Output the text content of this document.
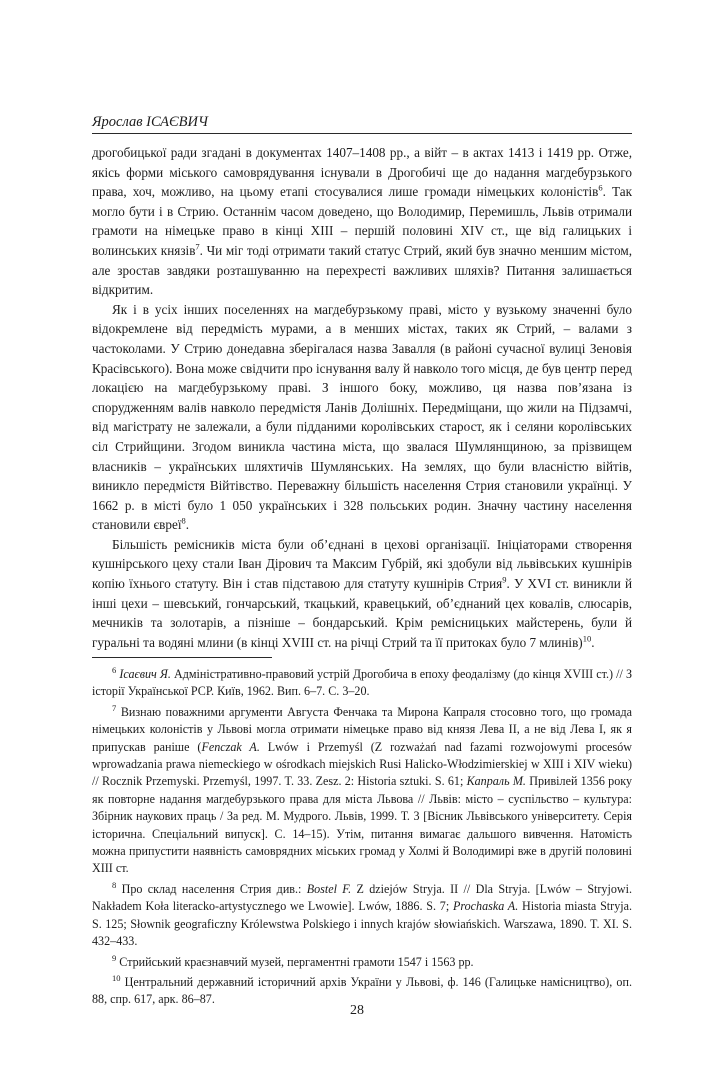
Ярослав ІСАЄВИЧ

дрогобицької ради згадані в документах 1407–1408 рр., а війт – в актах 1413 і 1419 рр. Отже, якісь форми міського самоврядування існували в Дрогобичі ще до надання магдебурзького права, хоч, можливо, на цьому етапі стосувалися лише громади німецьких колоністів$^6$. Так могло бути і в Стрию. Останнім часом доведено, що Володимир, Перемишль, Львів отримали грамоти на німецьке право в кінці XIII – першій половині XIV ст., ще від галицьких і волинських князів$^7$. Чи міг тоді отримати такий статус Стрий, який був значно меншим містом, але зростав завдяки розташуванню на перехресті важливих шляхів? Питання залишається відкритим.

Як і в усіх інших поселеннях на магдебурзькому праві, місто у вузькому значенні було відокремлене від передмість мурами, а в менших містах, таких як Стрий, – валами з частоколами. У Стрию донедавна зберігалася назва Завалля (в районі сучасної вулиці Зеновія Красівського). Вона може свідчити про існування валу й навколо того місця, де був центр перед локацією на магдебурзькому праві. З іншого боку, можливо, ця назва пов’язана із спорудженням валів навколо передмістя Ланів Долішніх. Передміщани, що жили на Підзамчі, від магістрату не залежали, а були підданими королівських старост, як і селяни королівських сіл Стрийщини. Згодом виникла частина міста, що звалася Шумлянщиною, за прізвищем власників – українських шляхтичів Шумлянських. На землях, що були власністю війтів, виникло передмістя Війтівство. Переважну більшість населення Стрия становили українці. У 1662 р. в місті було 1 050 українських і 328 польських родин. Значну частину населення становили євреї$^8$.

Більшість ремісників міста були об’єднані в цехові організації. Ініціаторами створення кушнірського цеху стали Іван Дірович та Максим Губрій, які здобули від львівських кушнірів копію їхнього статуту. Він і став підставою для статуту кушнірів Стрия$^9$. У XVI ст. виникли й інші цехи – шевський, гончарський, ткацький, кравецький, об’єднаний цех ковалів, слюсарів, мечників та золотарів, а пізніше – бондарський. Крім ремісницьких майстерень, були й гуральні та водяні млини (в кінці XVIII ст. на річці Стрий та її притоках було 7 млинів)$^{10}$.

$^6$ Ісаєвич Я. Адміністративно-правовий устрій Дрогобича в епоху феодалізму (до кінця XVIII ст.) // З історії Української РСР. Київ, 1962. Вип. 6–7. С. 3–20.

$^7$ Визнаю поважними аргументи Августа Фенчака та Мирона Капраля стосовно того, що громада німецьких колоністів у Львові могла отримати німецьке право від князя Лева II, а не від Лева I, як я припускав раніше (Fenczak A. Lwów i Przemyśl (Z rozważań nad fazami rozwojowymi procesów wprowadzania prawa niemeckiego w ośrodkach miejskich Rusi Halicko-Włodzimierskiej w XIII i XIV wieku) // Rocznik Przemyski. Przemyśl, 1997. T. 33. Zesz. 2: Historia sztuki. S. 61; Капраль М. Привілей 1356 року як повторне надання магдебурзького права для міста Львова // Львів: місто – суспільство – культура: Збірник наукових праць / За ред. М. Мудрого. Львів, 1999. Т. 3 [Вісник Львівського університету. Серія історична. Спеціальний випуск]. С. 14–15). Утім, питання вимагає дальшого вивчення. Натомість можна припустити наявність самоврядних міських громад у Холмі й Володимирі вже в другій половині XIII ст.

$^8$ Про склад населення Стрия див.: Bostel F. Z dziejów Stryja. II // Dla Stryja. [Lwów – Stryjowi. Nakładem Koła literacko-artystycznego we Lwowie]. Lwów, 1886. S. 7; Prochaska A. Historia miasta Stryja. S. 125; Słownik geograficzny Królewstwa Polskiego i innych krajów słowiańskich. Warszawa, 1890. T. XI. S. 432–433.

$^9$ Стрийський краєзнавчий музей, пергаментні грамоти 1547 і 1563 рр.

$^{10}$ Центральний державний історичний архів України у Львові, ф. 146 (Галицьке намісництво), оп. 88, спр. 617, арк. 86–87.

28
